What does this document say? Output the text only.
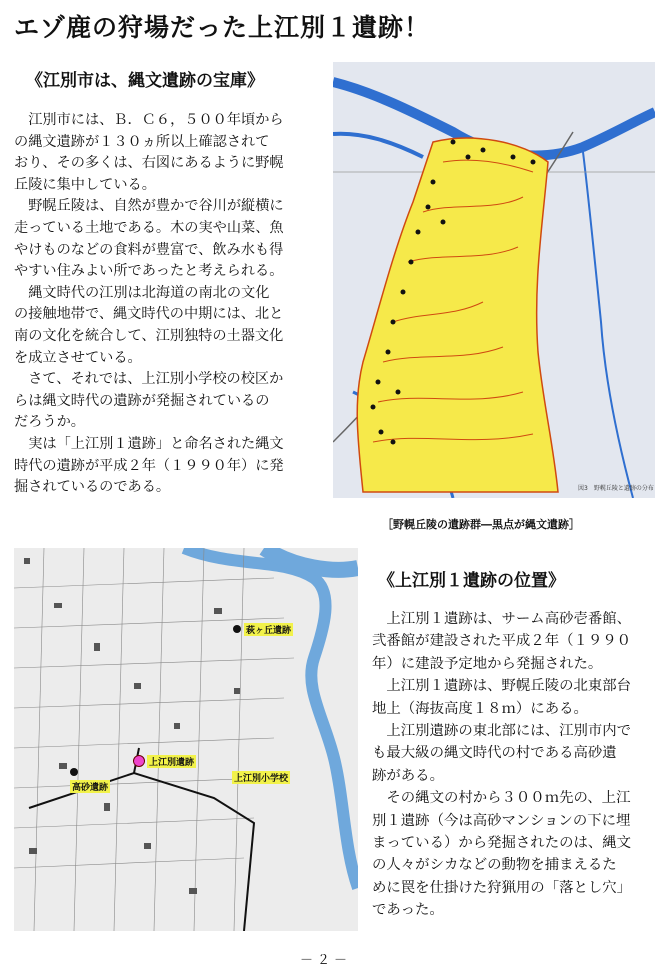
エゾ鹿の狩場だった上江別１遺跡！
《江別市は、縄文遺跡の宝庫》
　江別市には、Ｂ．Ｃ６，５００年頃から
の縄文遺跡が１３０ヵ所以上確認されて
おり、その多くは、右図にあるように野幌
丘陵に集中している。
　野幌丘陵は、自然が豊かで谷川が縦横に
走っている土地である。木の実や山菜、魚
やけものなどの食料が豊富で、飲み水も得
やすい住みよい所であったと考えられる。
　縄文時代の江別は北海道の南北の文化
の接触地帯で、縄文時代の中期には、北と
南の文化を統合して、江別独特の土器文化
を成立させている。
　さて、それでは、上江別小学校の校区か
らは縄文時代の遺跡が発掘されているの
だろうか。
　実は「上江別１遺跡」と命名された縄文
時代の遺跡が平成２年（１９９０年）に発
掘されているのである。	図3　野幌丘陵と遺跡の分布
［野幌丘陵の遺跡群―黒点が縄文遺跡］
《上江別１遺跡の位置》
　上江別１遺跡は、サーム高砂壱番館、
弐番館が建設された平成２年（１９９０
年）に建設予定地から発掘された。
　上江別１遺跡は、野幌丘陵の北東部台
地上（海抜高度１８ｍ）にある。
　上江別遺跡の東北部には、江別市内で
も最大級の縄文時代の村である高砂遺
跡がある。
　その縄文の村から３００ｍ先の、上江
別１遺跡（今は高砂マンションの下に埋
まっている）から発掘されたのは、縄文
の人々がシカなどの動物を捕まえるた
めに罠を仕掛けた狩猟用の「落とし穴」
であった。
萩ヶ丘遺跡
上江別遺跡
高砂遺跡
上江別小学校
－２－
